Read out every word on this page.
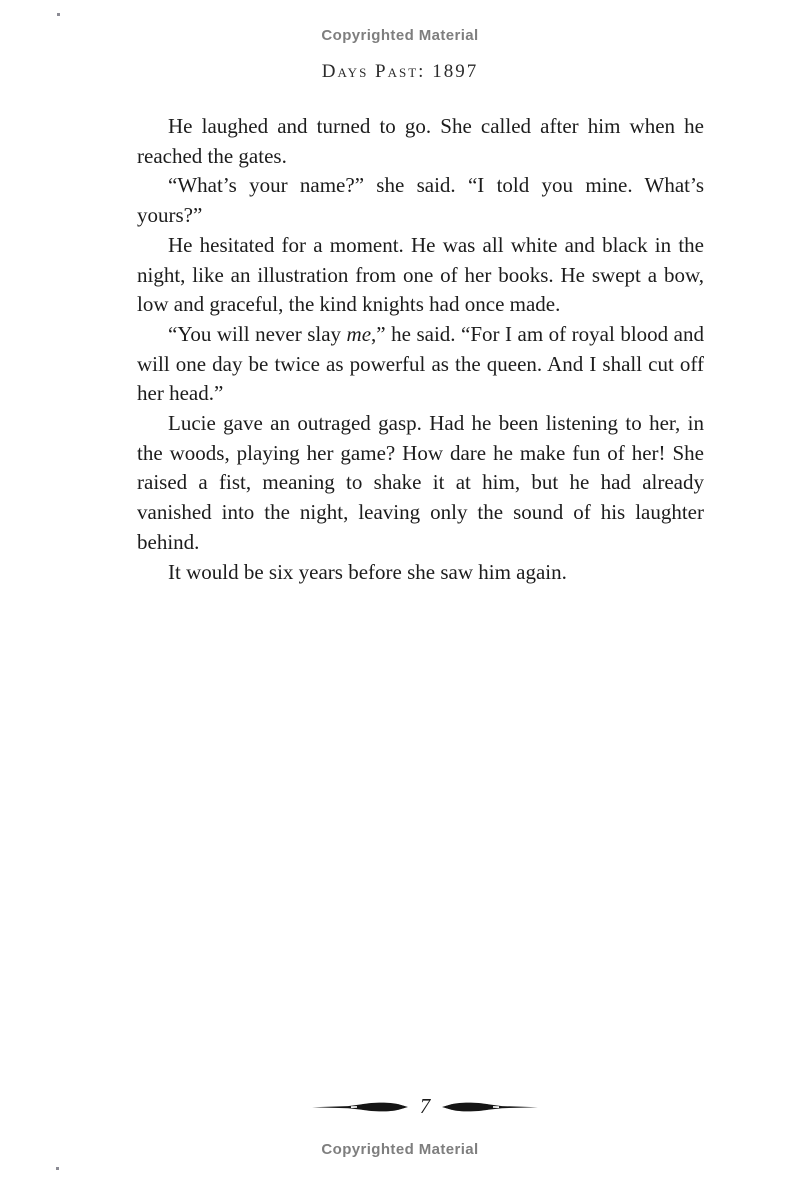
Copyrighted Material
Days Past: 1897

He laughed and turned to go. She called after him when he reached the gates.

“What’s your name?” she said. “I told you mine. What’s yours?”

He hesitated for a moment. He was all white and black in the night, like an illustration from one of her books. He swept a bow, low and graceful, the kind knights had once made.

“You will never slay me,” he said. “For I am of royal blood and will one day be twice as powerful as the queen. And I shall cut off her head.”

Lucie gave an outraged gasp. Had he been listening to her, in the woods, playing her game? How dare he make fun of her! She raised a fist, meaning to shake it at him, but he had already vanished into the night, leaving only the sound of his laughter behind.

It would be six years before she saw him again.

7
Copyrighted Material
